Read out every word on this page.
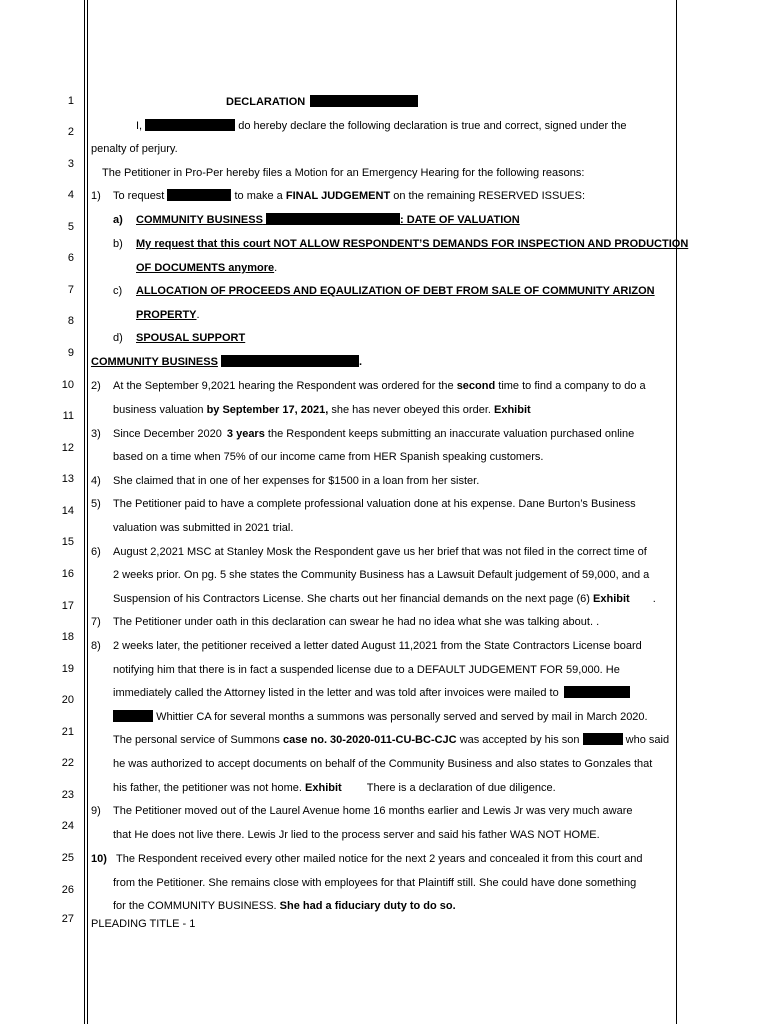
1
2
3
4
5
6
7
8
9
10
11
12
13
14
15
16
17
18
19
20
21
22
23
24
25
26
27
DECLARATION
I,	do hereby declare the following declaration is true and correct, signed under the
penalty of perjury.
The Petitioner in Pro-Per hereby files a Motion for an Emergency Hearing for the following reasons:
1) To request	to make a FINAL JUDGEMENT on the remaining RESERVED ISSUES:
a) COMMUNITY BUSINESS	: DATE OF VALUATION
b) My request that this court NOT ALLOW RESPONDENT’S DEMANDS FOR INSPECTION AND PRODUCTION
OF DOCUMENTS anymore.
c) ALLOCATION OF PROCEEDS AND EQAULIZATION OF DEBT FROM SALE OF COMMUNITY ARIZON
PROPERTY.
d) SPOUSAL SUPPORT
COMMUNITY BUSINESS	.
2) At the September 9,2021 hearing the Respondent was ordered for the second time to find a company to do a
business valuation by September 17, 2021, she has never obeyed this order. Exhibit
3) Since December 2020 3 years the Respondent keeps submitting an inaccurate valuation purchased online
based on a time when 75% of our income came from HER Spanish speaking customers.
4) She claimed that in one of her expenses for $1500 in a loan from her sister.
5) The Petitioner paid to have a complete professional valuation done at his expense. Dane Burton’s Business
valuation was submitted in 2021 trial.
6) August 2,2021 MSC at Stanley Mosk the Respondent gave us her brief that was not filed in the correct time of
2 weeks prior. On pg. 5 she states the Community Business has a Lawsuit Default judgement of 59,000, and a
Suspension of his Contractors License. She charts out her financial demands on the next page (6) Exhibit .
7) The Petitioner under oath in this declaration can swear he had no idea what she was talking about. .
8) 2 weeks later, the petitioner received a letter dated August 11,2021 from the State Contractors License board
notifying him that there is in fact a suspended license due to a DEFAULT JUDGEMENT FOR 59,000. He
immediately called the Attorney listed in the letter and was told after invoices were mailed to
Whittier CA for several months a summons was personally served and served by mail in March 2020.
The personal service of Summons case no. 30-2020-011-CU-BC-CJC was accepted by his son	who said
he was authorized to accept documents on behalf of the Community Business and also states to Gonzales that
his father, the petitioner was not home. Exhibit There is a declaration of due diligence.
9) The Petitioner moved out of the Laurel Avenue home 16 months earlier and Lewis Jr was very much aware
that He does not live there. Lewis Jr lied to the process server and said his father WAS NOT HOME.
10) The Respondent received every other mailed notice for the next 2 years and concealed it from this court and
from the Petitioner. She remains close with employees for that Plaintiff still. She could have done something
for the COMMUNITY BUSINESS. She had a fiduciary duty to do so.
PLEADING TITLE - 1
